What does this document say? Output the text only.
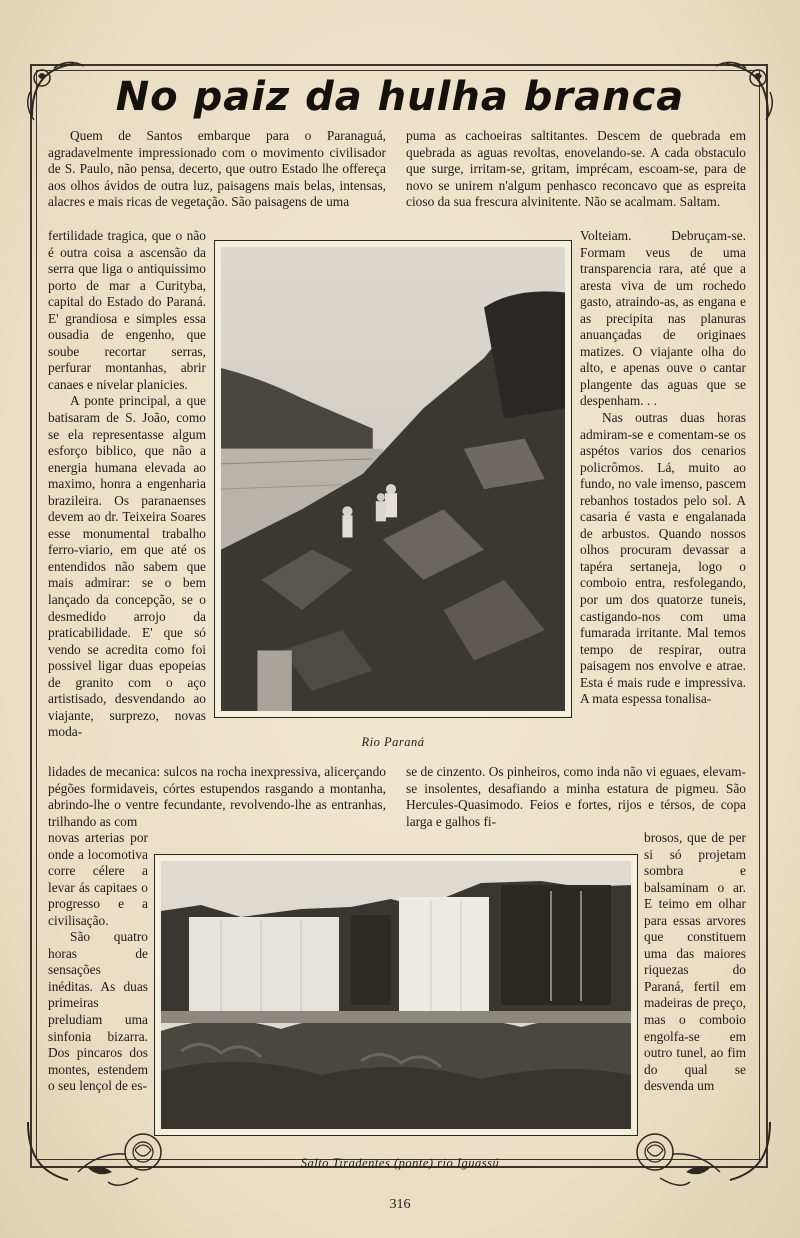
No paiz da hulha branca

Quem de Santos embarque para o Paranaguá, agradavelmente impressionado com o movimento civilisador de S. Paulo, não pensa, decerto, que outro Estado lhe offereça aos olhos ávidos de outra luz, paisagens mais belas, intensas, alacres e mais ricas de vegetação. São paisagens de uma

puma as cachoeiras saltitantes. Descem de quebrada em quebrada as aguas revoltas, enovelando-se. A cada obstaculo que surge, irritam-se, gritam, imprécam, escoam-se, para de novo se unirem n'algum penhasco reconcavo que as espreita cioso da sua frescura alvinitente. Não se acalmam. Saltam.

fertilidade tragica, que o não é outra coisa a ascensão da serra que liga o antiquissimo porto de mar a Curityba, capital do Estado do Paraná. E' grandiosa e simples essa ousadia de engenho, que soube recortar serras, perfurar montanhas, abrir canaes e nivelar planicies.

A ponte principal, a que batisaram de S. João, como se ela representasse algum esforço biblico, que não a energia humana elevada ao maximo, honra a engenharia brazileira. Os paranaenses devem ao dr. Teixeira Soares esse monumental trabalho ferro-viario, em que até os entendidos não sabem que mais admirar: se o bem lançado da concepção, se o desmedido arrojo da praticabilidade. E' que só vendo se acredita como foi possivel ligar duas epopeias de granito com o aço artistisado, desvendando ao viajante, surprezo, novas moda-

Volteiam. Debruçam-se. Formam veus de uma transparencia rara, até que a aresta viva de um rochedo gasto, atraindo-as, as engana e as precipita nas planuras anuançadas de originaes matizes. O viajante olha do alto, e apenas ouve o cantar plangente das aguas que se despenham. . .

Nas outras duas horas admiram-se e comentam-se os aspétos varios dos cenarios policrômos. Lá, muito ao fundo, no vale imenso, pascem rebanhos tostados pelo sol. A casaria é vasta e engalanada de arbustos. Quando nossos olhos procuram devassar a tapéra sertaneja, logo o comboio entra, resfolegando, por um dos quatorze tuneis, castigando-nos com uma fumarada irritante. Mal temos tempo de respirar, outra paisagem nos envolve e atrae. Esta é mais rude e impressiva. A mata espessa tonalisa-

Rio Paraná

lidades de mecanica: sulcos na rocha inexpressiva, alicerçando pégões formidaveis, córtes estupendos rasgando a montanha, abrindo-lhe o ventre fecundante, revolvendo-lhe as entranhas, trilhando as com

se de cinzento. Os pinheiros, como inda não vi eguaes, elevam-se insolentes, desafiando a minha estatura de pigmeu. São Hercules-Quasimodo. Feios e fortes, rijos e térsos, de copa larga e galhos fi-

novas arterias por onde a locomotiva corre célere a levar ás capitaes o progresso e a civilisação.

São quatro horas de sensações inéditas. As duas primeiras preludiam uma sinfonia bizarra. Dos pincaros dos montes, estendem o seu lençol de es-

brosos, que de per si só projetam sombra e balsaminam o ar. E teimo em olhar para essas arvores que constituem uma das maiores riquezas do Paraná, fertil em madeiras de preço, mas o comboio engolfa-se em outro tunel, ao fim do qual se desvenda um

Salto Tiradentes (ponte) rio Iguassú
316
